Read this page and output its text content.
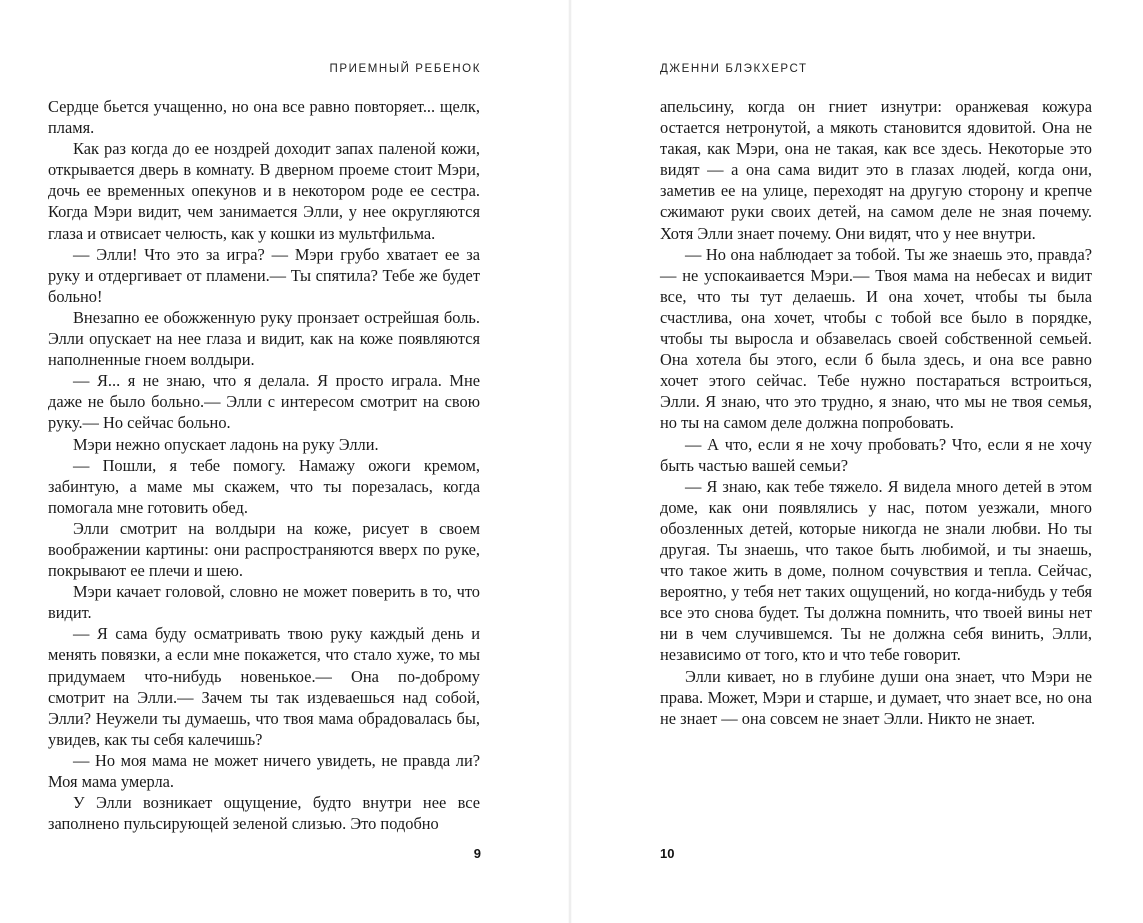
ПРИЕМНЫЙ РЕБЕНОК

Сердце бьется учащенно, но она все равно повторяет... щелк, пламя.

Как раз когда до ее ноздрей доходит запах паленой кожи, открывается дверь в комнату. В дверном проеме стоит Мэри, дочь ее временных опекунов и в некотором роде ее сестра. Когда Мэри видит, чем занимается Элли, у нее округляются глаза и отвисает челюсть, как у кошки из мультфильма.

— Элли! Что это за игра? — Мэри грубо хватает ее за руку и отдергивает от пламени.— Ты спятила? Тебе же будет больно!

Внезапно ее обожженную руку пронзает острейшая боль. Элли опускает на нее глаза и видит, как на коже появляются наполненные гноем волдыри.

— Я... я не знаю, что я делала. Я просто играла. Мне даже не было больно.— Элли с интересом смотрит на свою руку.— Но сейчас больно.

Мэри нежно опускает ладонь на руку Элли.

— Пошли, я тебе помогу. Намажу ожоги кремом, забинтую, а маме мы скажем, что ты порезалась, когда помогала мне готовить обед.

Элли смотрит на волдыри на коже, рисует в своем воображении картины: они распространяются вверх по руке, покрывают ее плечи и шею.

Мэри качает головой, словно не может поверить в то, что видит.

— Я сама буду осматривать твою руку каждый день и менять повязки, а если мне покажется, что стало хуже, то мы придумаем что-нибудь новенькое.— Она по-доброму смотрит на Элли.— Зачем ты так издеваешься над собой, Элли? Неужели ты думаешь, что твоя мама обрадовалась бы, увидев, как ты себя калечишь?

— Но моя мама не может ничего увидеть, не правда ли? Моя мама умерла.

У Элли возникает ощущение, будто внутри нее все заполнено пульсирующей зеленой слизью. Это подобно

9
ДЖЕННИ БЛЭКХЕРСТ

апельсину, когда он гниет изнутри: оранжевая кожура остается нетронутой, а мякоть становится ядовитой. Она не такая, как Мэри, она не такая, как все здесь. Некоторые это видят — а она сама видит это в глазах людей, когда они, заметив ее на улице, переходят на другую сторону и крепче сжимают руки своих детей, на самом деле не зная почему. Хотя Элли знает почему. Они видят, что у нее внутри.

— Но она наблюдает за тобой. Ты же знаешь это, правда? — не успокаивается Мэри.— Твоя мама на небесах и видит все, что ты тут делаешь. И она хочет, чтобы ты была счастлива, она хочет, чтобы с тобой все было в порядке, чтобы ты выросла и обзавелась своей собственной семьей. Она хотела бы этого, если б была здесь, и она все равно хочет этого сейчас. Тебе нужно постараться встроиться, Элли. Я знаю, что это трудно, я знаю, что мы не твоя семья, но ты на самом деле должна попробовать.

— А что, если я не хочу пробовать? Что, если я не хочу быть частью вашей семьи?

— Я знаю, как тебе тяжело. Я видела много детей в этом доме, как они появлялись у нас, потом уезжали, много обозленных детей, которые никогда не знали любви. Но ты другая. Ты знаешь, что такое быть любимой, и ты знаешь, что такое жить в доме, полном сочувствия и тепла. Сейчас, вероятно, у тебя нет таких ощущений, но когда-нибудь у тебя все это снова будет. Ты должна помнить, что твоей вины нет ни в чем случившемся. Ты не должна себя винить, Элли, независимо от того, кто и что тебе говорит.

Элли кивает, но в глубине души она знает, что Мэри не права. Может, Мэри и старше, и думает, что знает все, но она не знает — она совсем не знает Элли. Никто не знает.

10
